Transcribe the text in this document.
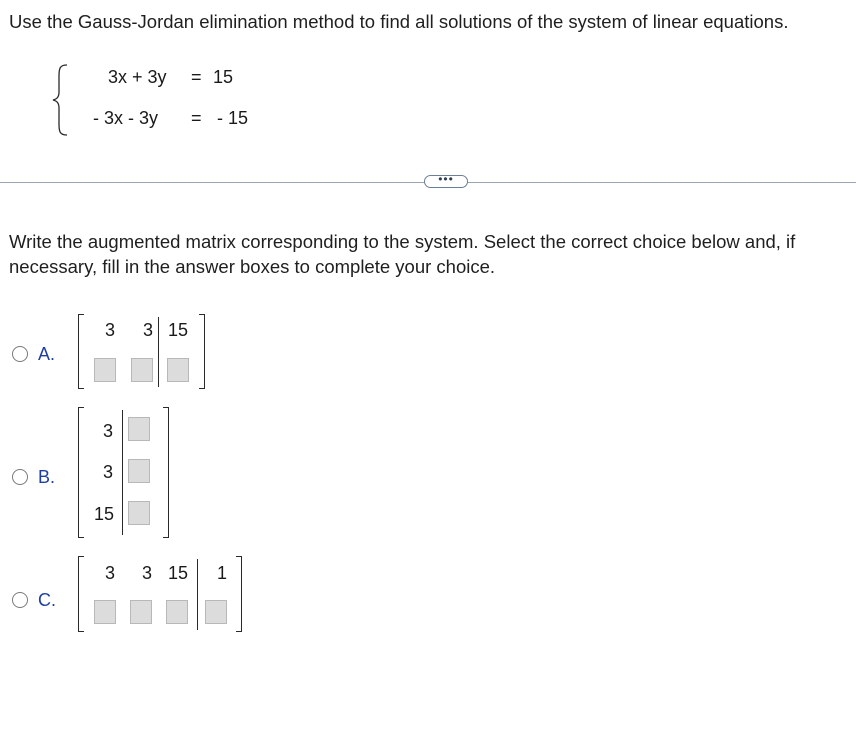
Use the Gauss-Jordan elimination method to find all solutions of the system of linear equations.
3x + 3y = 15
- 3x - 3y = - 15
•••
Write the augmented matrix corresponding to the system. Select the correct choice below and, if necessary, fill in the answer boxes to complete your choice.
A.
3 3 15
B.
3
3
15
C.
3 3 15 1
